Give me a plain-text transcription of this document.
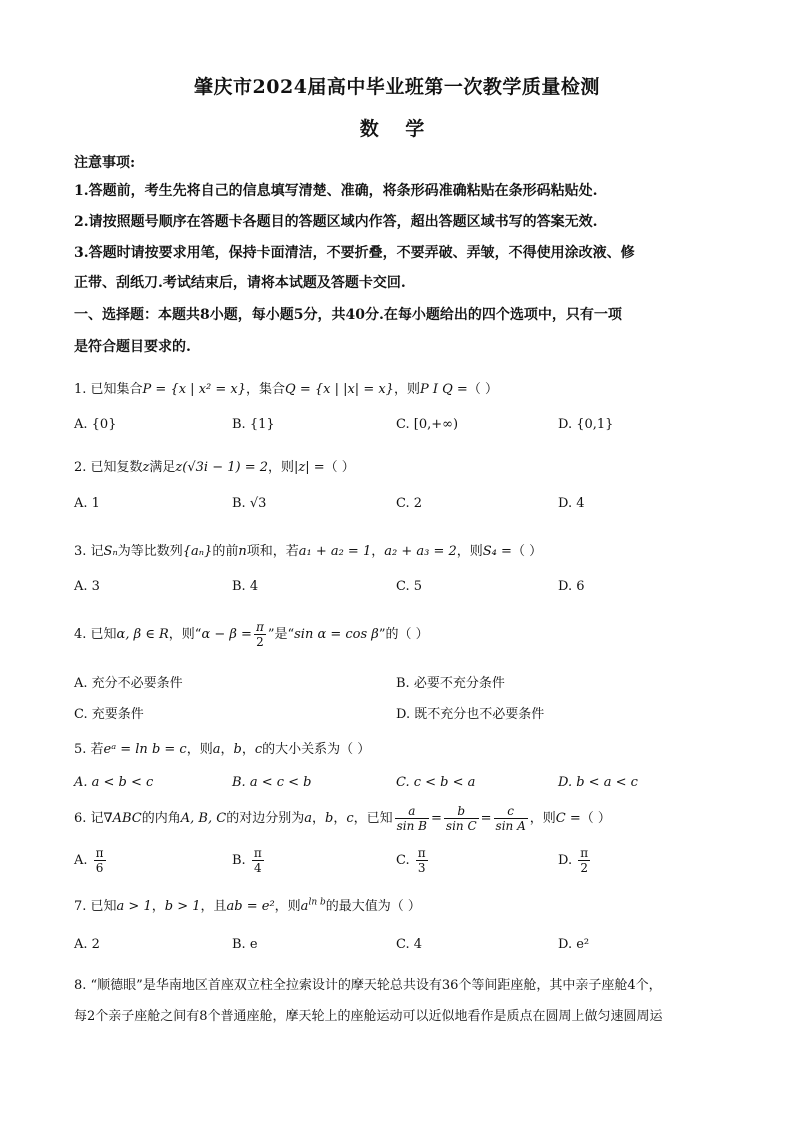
肇庆市2024届高中毕业班第一次教学质量检测
数 学
注意事项:
1.答题前，考生先将自己的信息填写清楚、准确，将条形码准确粘贴在条形码粘贴处.
2.请按照题号顺序在答题卡各题目的答题区域内作答，超出答题区域书写的答案无效.
3.答题时请按要求用笔，保持卡面清洁，不要折叠，不要弄破、弄皱，不得使用涂改液、修
正带、刮纸刀.考试结束后，请将本试题及答题卡交回.
一、选择题：本题共8小题，每小题5分，共40分.在每小题给出的四个选项中，只有一项
是符合题目要求的.
1. 已知集合P = {x | x² = x}，集合Q = {x | |x| = x}，则P I Q =（ ）
A. {0}	B. {1}	C. [0,+∞)	D. {0,1}
2. 已知复数z满足z(√3i − 1) = 2，则|z| =（ ）
A. 1	B. √3	C. 2	D. 4
3. 记Sₙ为等比数列{aₙ}的前n项和，若a₁ + a₂ = 1，a₂ + a₃ = 2，则S₄ =（ ）
A. 3	B. 4	C. 5	D. 6
4. 已知α, β ∈ R，则“$\alpha - \beta = \frac{\pi}{2}$ ”是“sin α = cos β”的（ ）
A. 充分不必要条件	B. 必要不充分条件
C. 充要条件	D. 既不充分也不必要条件
5. 若eᵃ = ln b = c，则a，b，c的大小关系为（ ）
A. a < b < c	B. a < c < b	C. c < b < a	D. b < a < c
6. 记∇ABC的内角A, B, C的对边分别为a，b，c，已知 $\frac{a}{\text{sin B}} = \frac{b}{\text{sin C}} = \frac{c}{\text{sin A}}$ ，则C =（ ）
A. $\frac{\pi}{6}$	B. $\frac{\pi}{4}$	C. $\frac{\pi}{3}$	D. $\frac{\pi}{2}$
7. 已知a > 1，b > 1，且ab = e²，则$a^{ln b}$的最大值为（ ）
A. 2	B. e	C. 4	D. e²
8. “顺德眼”是华南地区首座双立柱全拉索设计的摩天轮总共设有36个等间距座舱，其中亲子座舱4个，
每2个亲子座舱之间有8个普通座舱，摩天轮上的座舱运动可以近似地看作是质点在圆周上做匀速圆周运
